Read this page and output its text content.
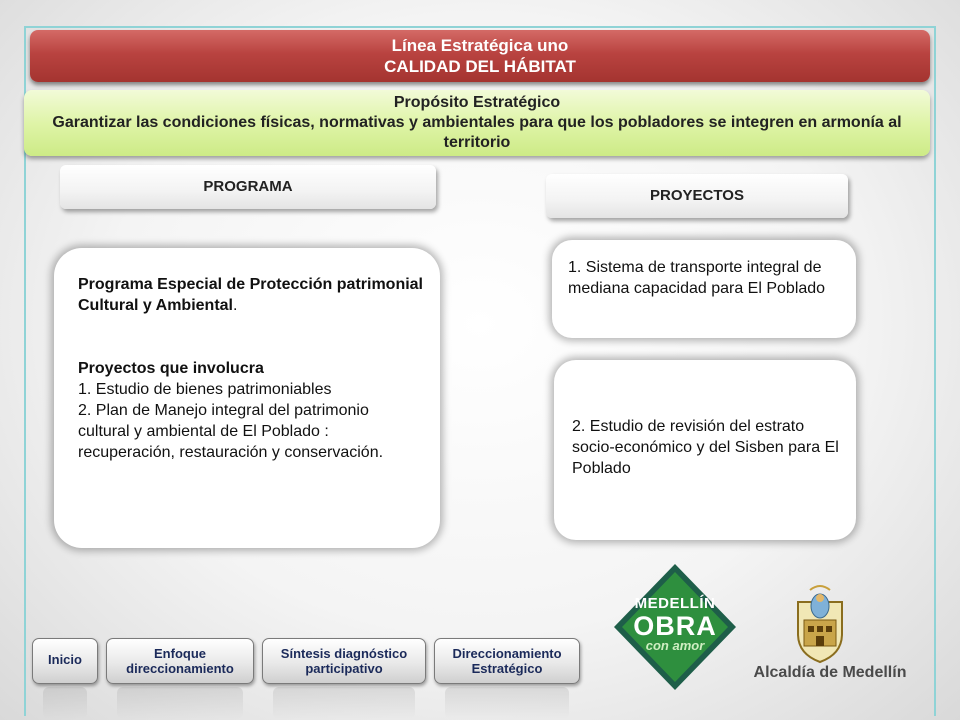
Línea Estratégica uno
CALIDAD DEL HÁBITAT
Propósito Estratégico
Garantizar las condiciones físicas, normativas y ambientales para que los pobladores se integren en armonía al territorio
PROGRAMA
PROYECTOS
Programa Especial de Protección patrimonial Cultural y Ambiental.
Proyectos que involucra
1. Estudio de bienes patrimoniables
2. Plan de Manejo integral del patrimonio cultural y ambiental de El Poblado : recuperación, restauración y conservación.
1. Sistema de transporte integral de mediana capacidad para El Poblado
2. Estudio de revisión del estrato socio-económico y del Sisben para El Poblado
Inicio	Enfoque
direccionamiento
Síntesis diagnóstico
participativo
Direccionamiento
Estratégico
MEDELLÍN
OBRA
con amor
Alcaldía de Medellín
